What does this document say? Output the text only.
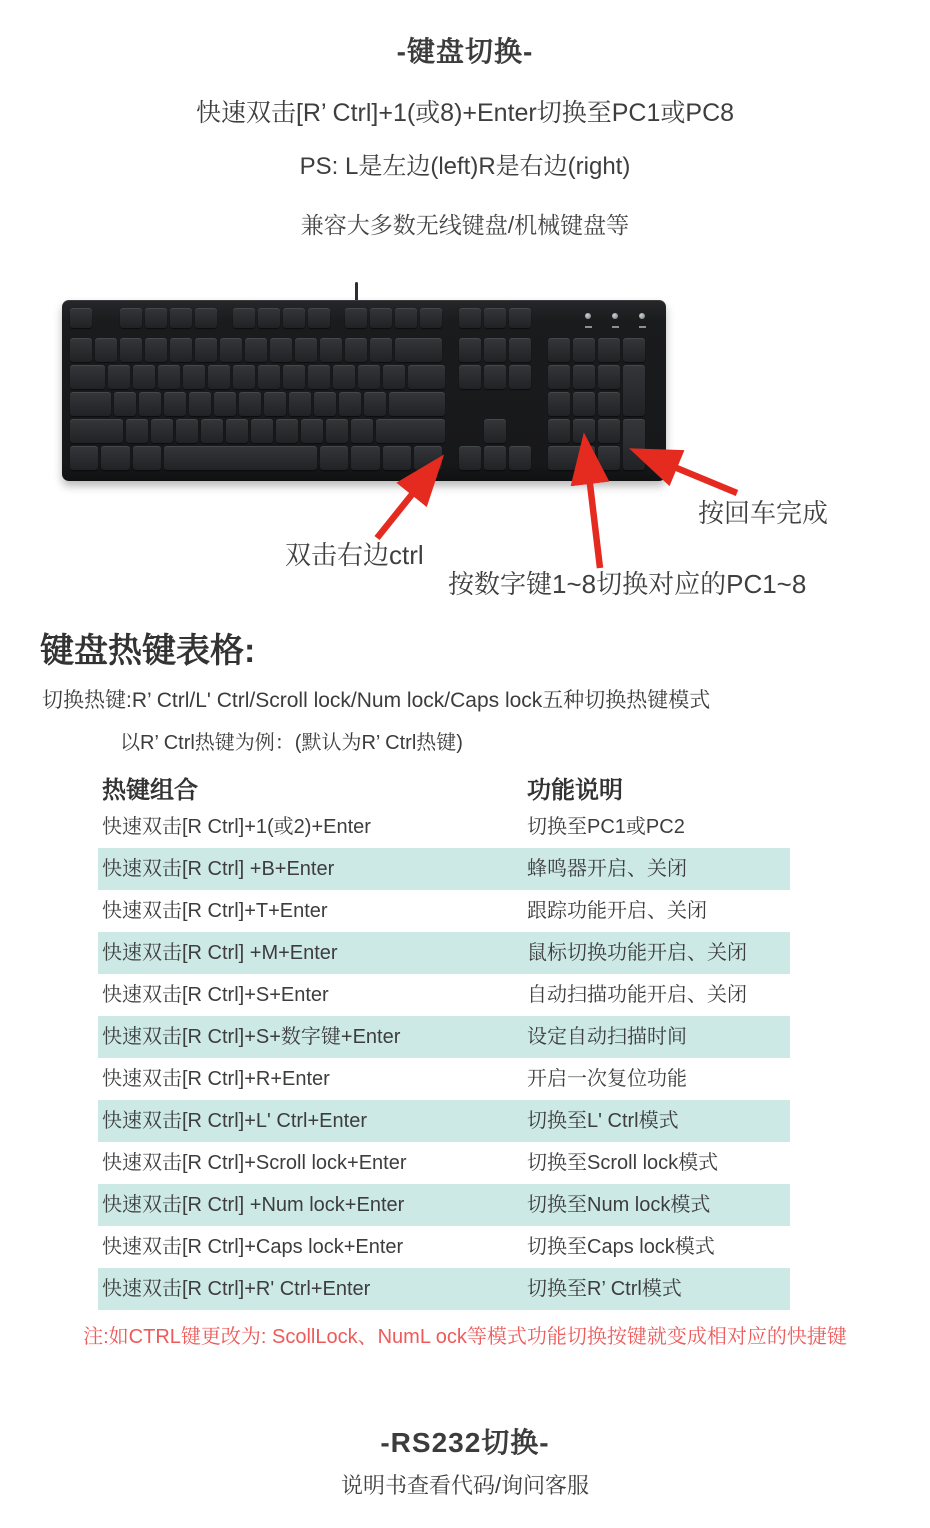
-键盘切换-
快速双击[R’ Ctrl]+1(或8)+Enter切换至PC1或PC8
PS: L是左边(left)R是右边(right)
兼容大多数无线键盘/机械键盘等
双击右边ctrl
按回车完成
按数字键1~8切换对应的PC1~8
键盘热键表格:
切换热键:R’ Ctrl/L' Ctrl/Scroll lock/Num lock/Caps lock五种切换热键模式
以R’ Ctrl热键为例：(默认为R’ Ctrl热键)
热键组合	功能说明
快速双击[R Ctrl]+1(或2)+Enter	切换至PC1或PC2
快速双击[R Ctrl] +B+Enter	蜂鸣器开启、关闭
快速双击[R Ctrl]+T+Enter	跟踪功能开启、关闭
快速双击[R Ctrl] +M+Enter	鼠标切换功能开启、关闭
快速双击[R Ctrl]+S+Enter	自动扫描功能开启、关闭
快速双击[R Ctrl]+S+数字键+Enter	设定自动扫描时间
快速双击[R Ctrl]+R+Enter	开启一次复位功能
快速双击[R Ctrl]+L' Ctrl+Enter	切换至L' Ctrl模式
快速双击[R Ctrl]+Scroll lock+Enter	切换至Scroll lock模式
快速双击[R Ctrl] +Num lock+Enter	切换至Num lock模式
快速双击[R Ctrl]+Caps lock+Enter	切换至Caps lock模式
快速双击[R Ctrl]+R' Ctrl+Enter	切换至R’ Ctrl模式
注:如CTRL键更改为: ScollLock、NumL ock等模式功能切换按键就变成相对应的快捷键
-RS232切换-
说明书查看代码/询问客服
